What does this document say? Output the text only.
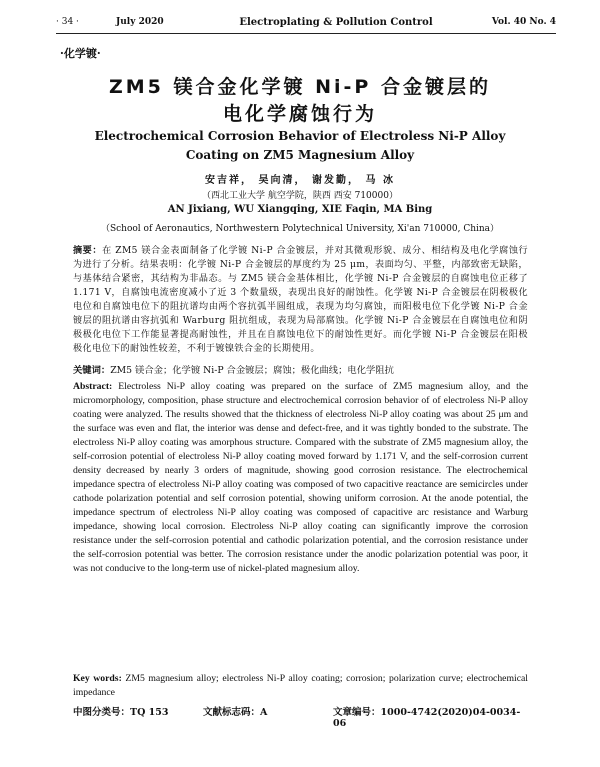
· 34 ·	July 2020	Electroplating & Pollution Control	Vol. 40 No. 4
·化学镀·
ZM5 镁合金化学镀 Ni-P 合金镀层的
电化学腐蚀行为
Electrochemical Corrosion Behavior of Electroless Ni-P Alloy
Coating on ZM5 Magnesium Alloy
安吉祥， 吴向清， 谢发勤， 马 冰
（西北工业大学 航空学院，陕西 西安 710000）
AN Jixiang, WU Xiangqing, XIE Faqin, MA Bing
（School of Aeronautics, Northwestern Polytechnical University, Xi'an 710000, China）
摘要：在 ZM5 镁合金表面制备了化学镀 Ni-P 合金镀层，并对其微观形貌、成分、相结构及电化学腐蚀行为进行了分析。结果表明：化学镀 Ni-P 合金镀层的厚度约为 25 μm，表面均匀、平整，内部致密无缺陷，与基体结合紧密，其结构为非晶态。与 ZM5 镁合金基体相比，化学镀 Ni-P 合金镀层的自腐蚀电位正移了 1.171 V，自腐蚀电流密度减小了近 3 个数量级，表现出良好的耐蚀性。化学镀 Ni-P 合金镀层在阴极极化电位和自腐蚀电位下的阻抗谱均由两个容抗弧半圆组成，表现为均匀腐蚀，而阳极电位下化学镀 Ni-P 合金镀层的阻抗谱由容抗弧和 Warburg 阻抗组成，表现为局部腐蚀。化学镀 Ni-P 合金镀层在自腐蚀电位和阴极极化电位下工作能显著提高耐蚀性，并且在自腐蚀电位下的耐蚀性更好。而化学镀 Ni-P 合金镀层在阳极极化电位下的耐蚀性较差，不利于镀镍铁合金的长期使用。
关键词：ZM5 镁合金；化学镀 Ni-P 合金镀层；腐蚀；极化曲线；电化学阻抗
Abstract: Electroless Ni-P alloy coating was prepared on the surface of ZM5 magnesium alloy, and the micromorphology, composition, phase structure and electrochemical corrosion behavior of of electroless Ni-P alloy coating were analyzed. The results showed that the thickness of electroless Ni-P alloy coating was about 25 μm and the surface was even and flat, the interior was dense and defect-free, and it was tightly bonded to the substrate. The electroless Ni-P alloy coating was amorphous structure. Compared with the substrate of ZM5 magnesium alloy, the self-corrosion potential of electroless Ni-P alloy coating moved forward by 1.171 V, and the self-corrosion current density decreased by nearly 3 orders of magnitude, showing good corrosion resistance. The electrochemical impedance spectra of electroless Ni-P alloy coating was composed of two capacitive reactance are semicircles under cathode polarization potential and self corrosion potential, showing uniform corrosion. At the anode potential, the impedance spectrum of electroless Ni-P alloy coating was composed of capacitive arc resistance and Warburg impedance, showing local corrosion. Electroless Ni-P alloy coating can significantly improve the corrosion resistance under the self-corrosion potential and cathodic polarization potential, and the corrosion resistance under the self-corrosion potential was better. The corrosion resistance under the anodic polarization potential was poor, it was not conducive to the long-term use of nickel-plated magnesium alloy.
Key words: ZM5 magnesium alloy; electroless Ni-P alloy coating; corrosion; polarization curve; electrochemical impedance
中图分类号：TQ 153	文献标志码：A	文章编号：1000-4742(2020)04-0034-06
